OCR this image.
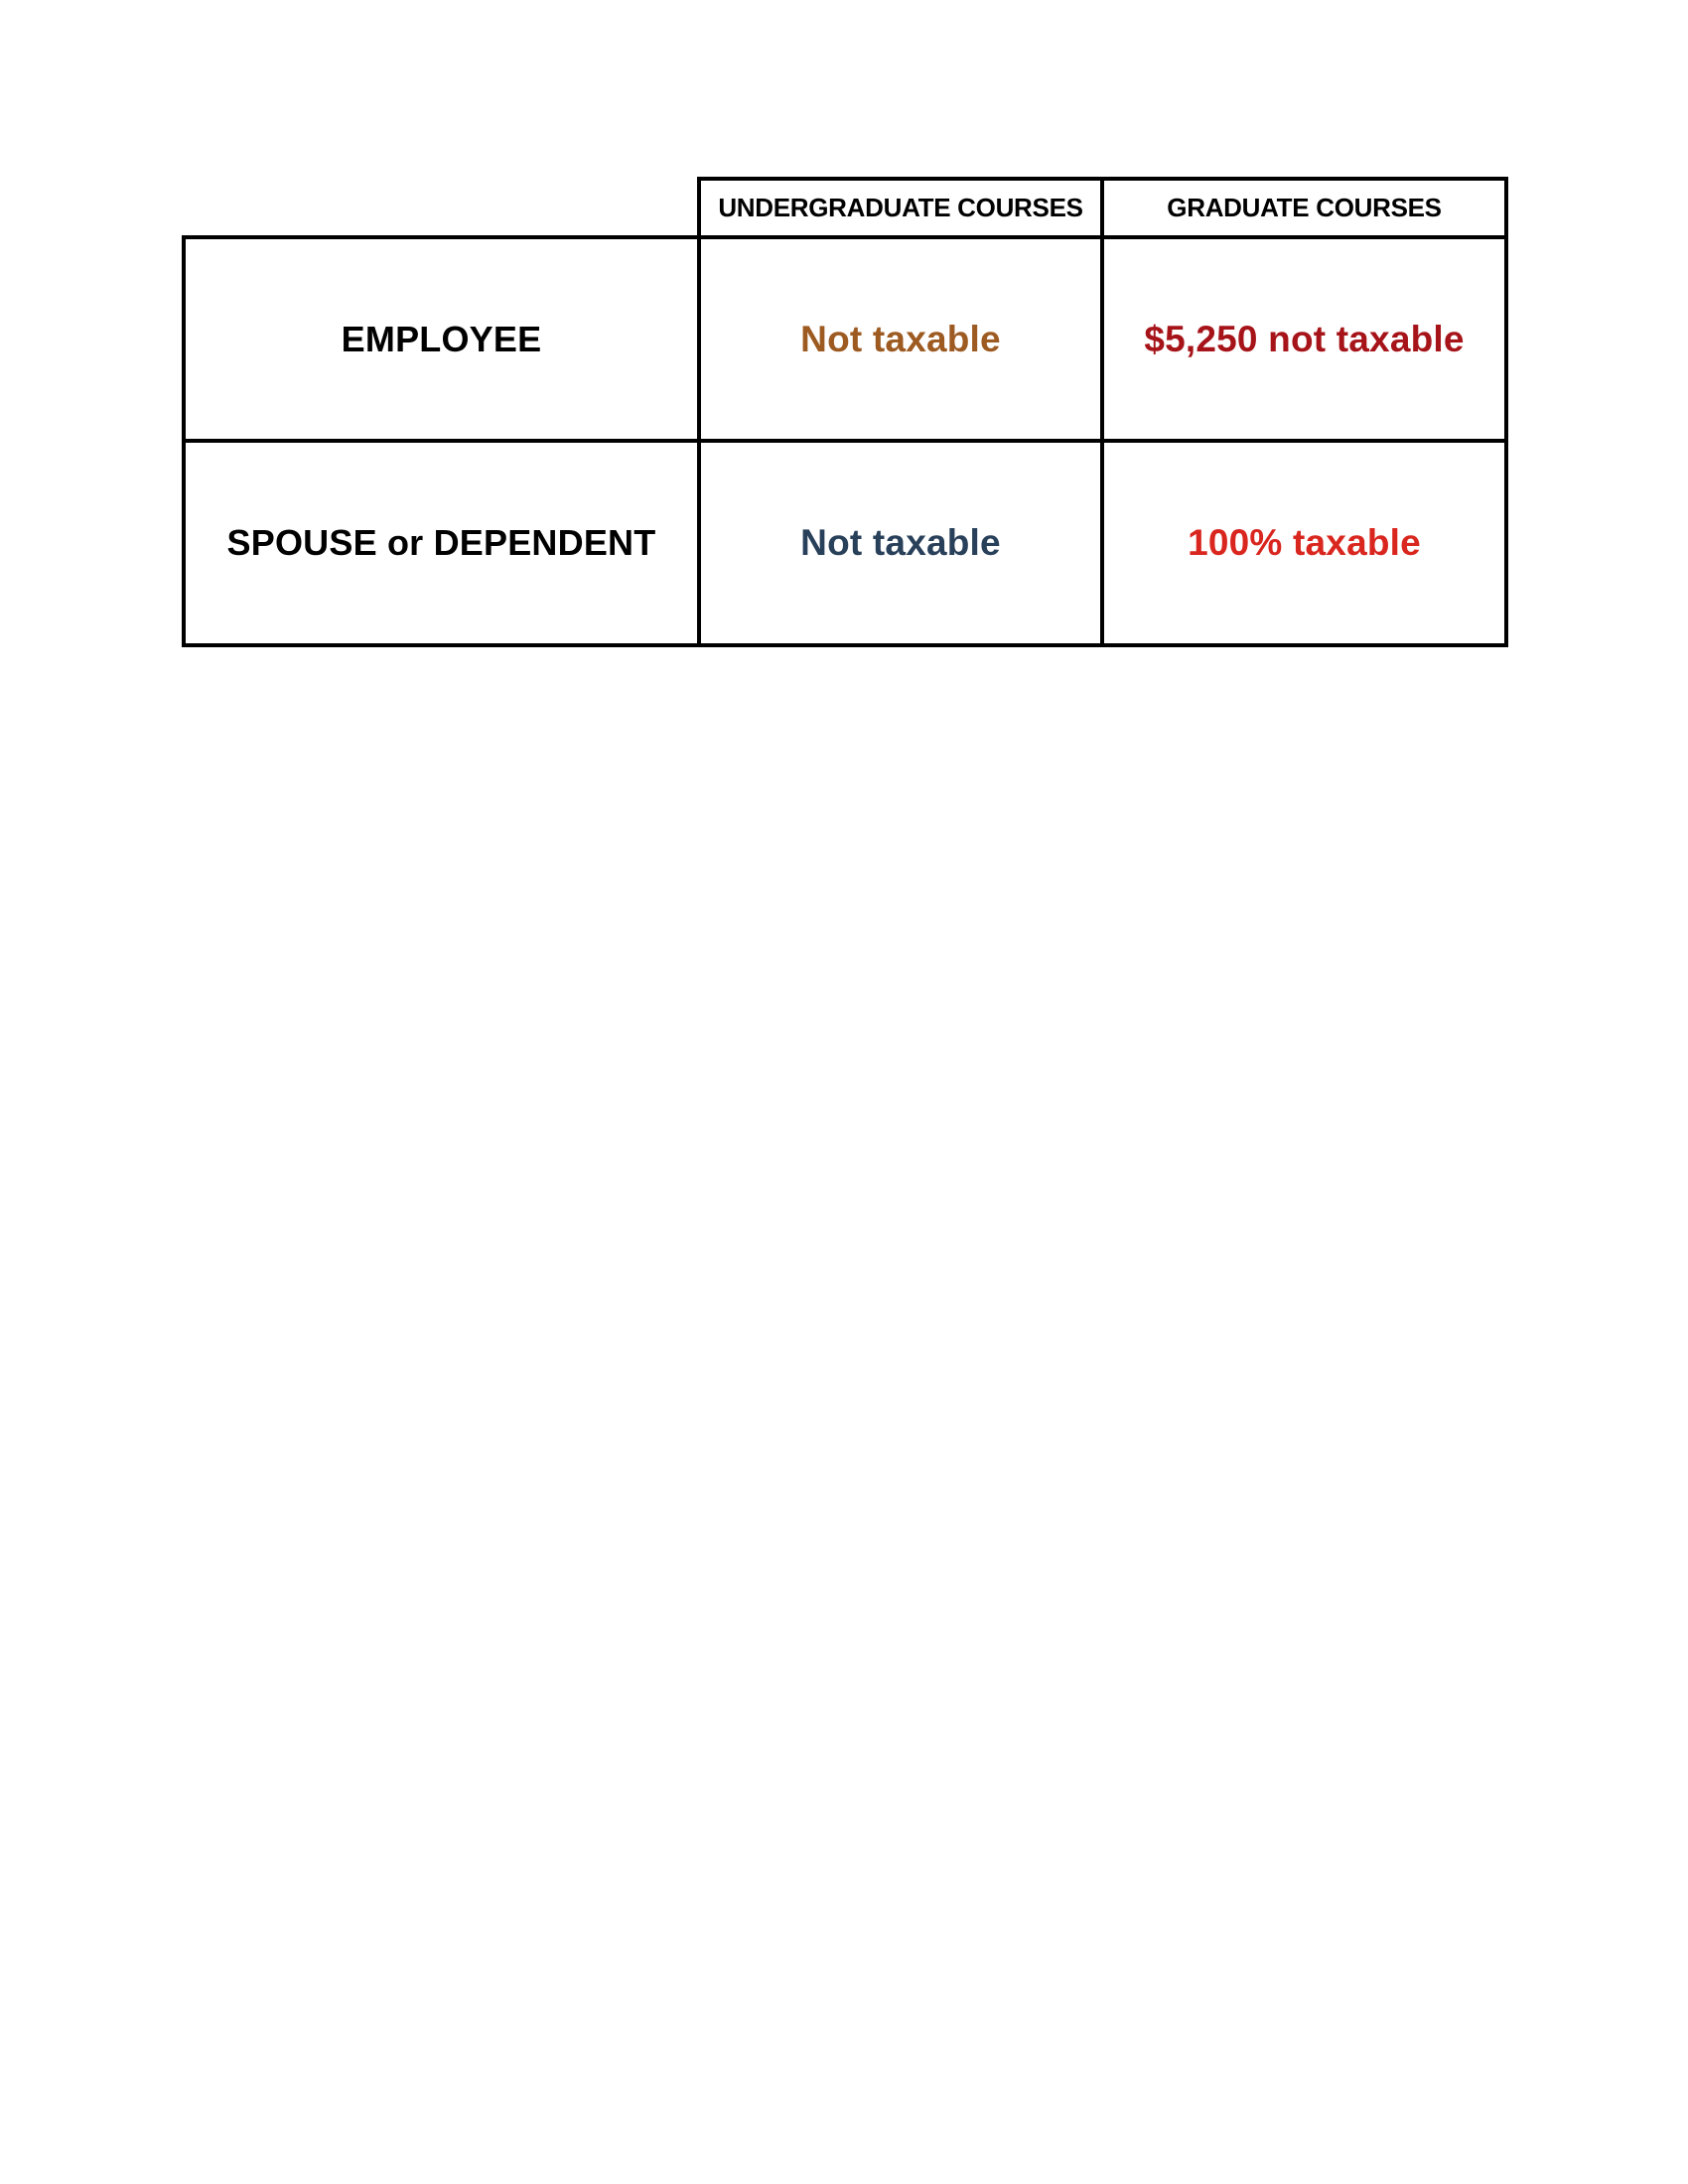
	UNDERGRADUATE COURSES	GRADUATE COURSES
EMPLOYEE	Not taxable	$5,250 not taxable
SPOUSE or DEPENDENT	Not taxable	100% taxable
